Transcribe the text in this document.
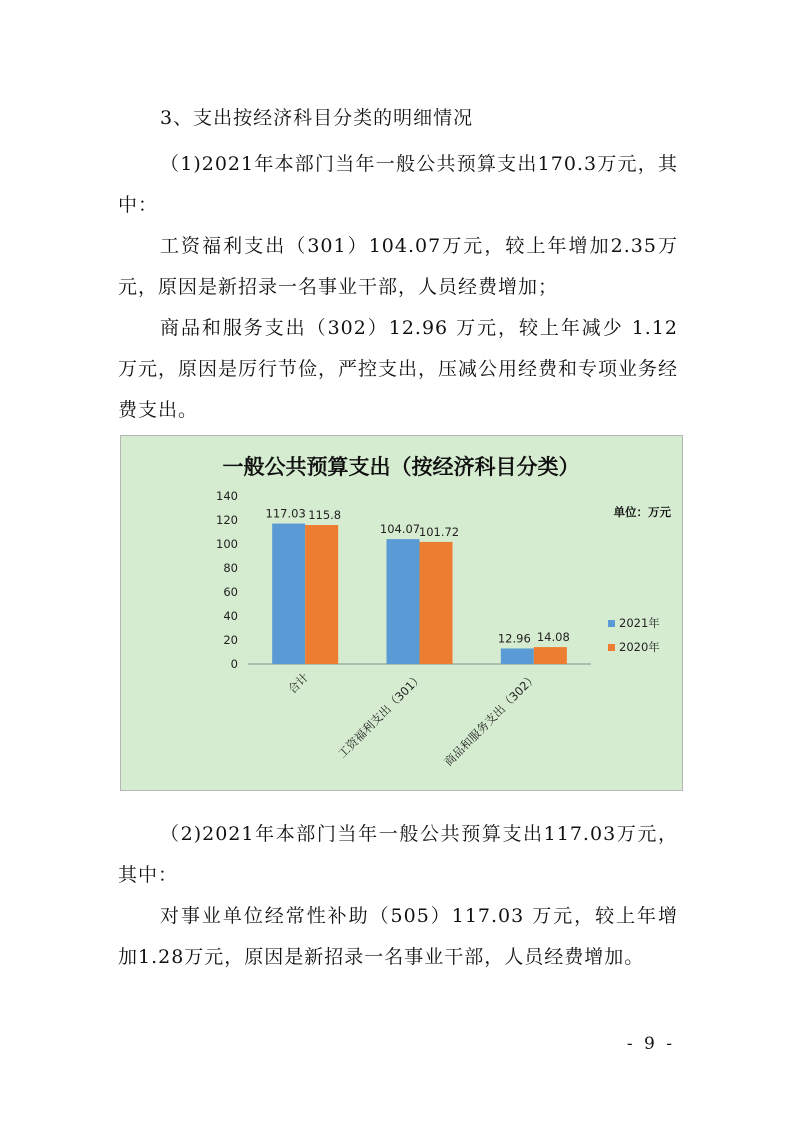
3、支出按经济科目分类的明细情况

（1)2021年本部门当年一般公共预算支出170.3万元，其中：

工资福利支出（301）104.07万元，较上年增加2.35万元，原因是新招录一名事业干部，人员经费增加；

商品和服务支出（302）12.96 万元，较上年减少 1.12 万元，原因是厉行节俭，严控支出，压减公用经费和专项业务经费支出。

一般公共预算支出（按经济科目分类）
单位：万元
0
20
40
60
80
100
120
140
117.03 115.8
104.07
101.72
12.96 14.08
合计 工资福利支出（301） 商品和服务支出（302）
2021年
2020年

（2)2021年本部门当年一般公共预算支出117.03万元，其中：

对事业单位经常性补助（505）117.03 万元，较上年增加1.28万元，原因是新招录一名事业干部，人员经费增加。

- 9 -
